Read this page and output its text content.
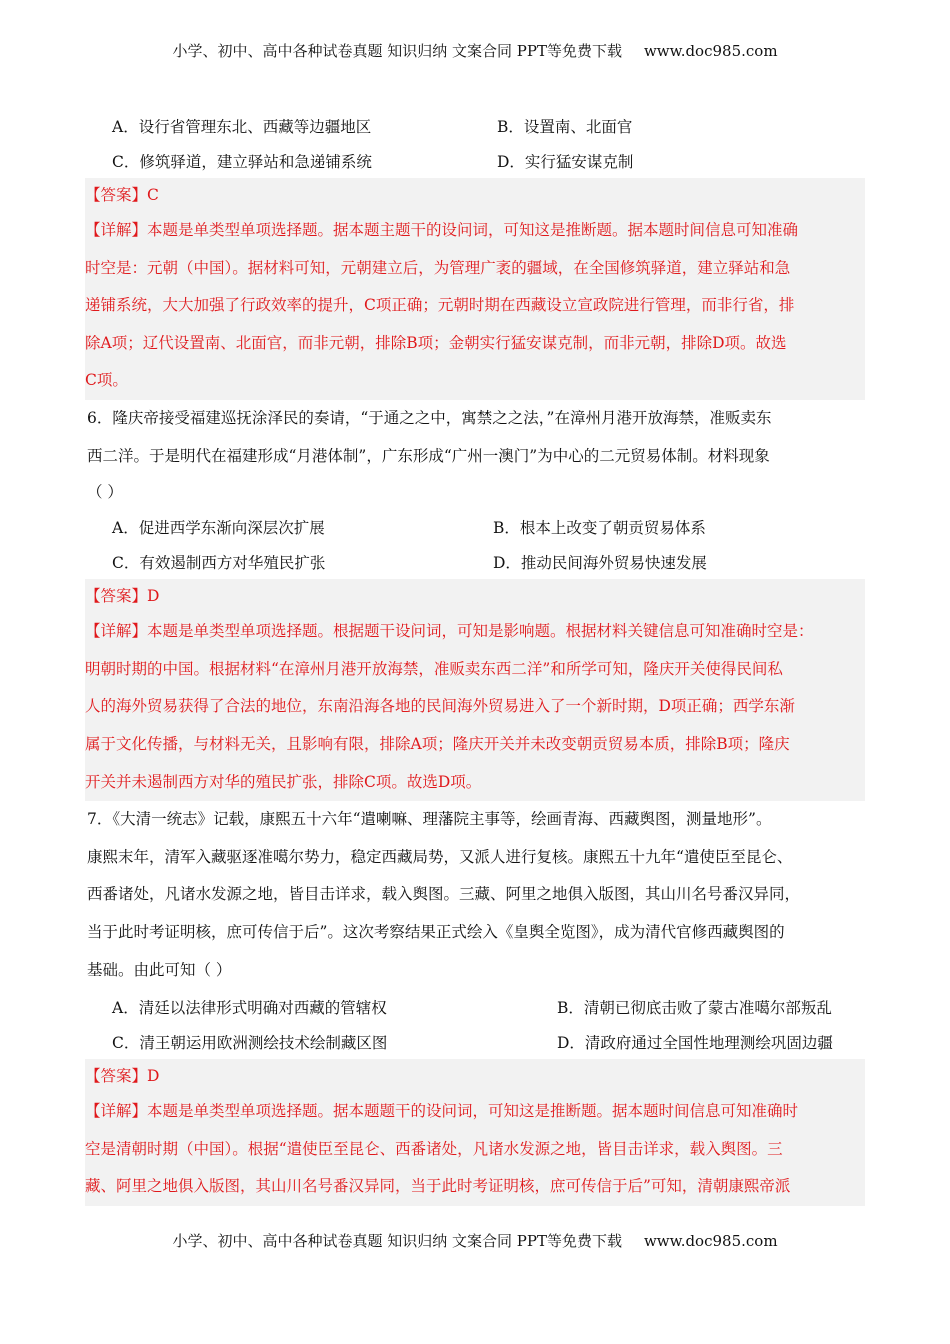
小学、初中、高中各种试卷真题 知识归纳 文案合同 PPT等免费下载 www.doc985.com
A．设行省管理东北、西藏等边疆地区	B．设置南、北面官
C．修筑驿道，建立驿站和急递铺系统	D．实行猛安谋克制
【答案】C
【详解】本题是单类型单项选择题。据本题主题干的设问词，可知这是推断题。据本题时间信息可知准确
时空是：元朝（中国）。据材料可知，元朝建立后，为管理广袤的疆域，在全国修筑驿道，建立驿站和急
递铺系统，大大加强了行政效率的提升，C项正确；元朝时期在西藏设立宣政院进行管理，而非行省，排
除A项；辽代设置南、北面官，而非元朝，排除B项；金朝实行猛安谋克制，而非元朝，排除D项。故选
C项。
6．隆庆帝接受福建巡抚涂泽民的奏请，“于通之之中，寓禁之之法，”在漳州月港开放海禁，准贩卖东
西二洋。于是明代在福建形成“月港体制”，广东形成“广州一澳门”为中心的二元贸易体制。材料现象
（ ）
A．促进西学东渐向深层次扩展	B．根本上改变了朝贡贸易体系
C．有效遏制西方对华殖民扩张	D．推动民间海外贸易快速发展
【答案】D
【详解】本题是单类型单项选择题。根据题干设问词，可知是影响题。根据材料关键信息可知准确时空是：
明朝时期的中国。根据材料“在漳州月港开放海禁，准贩卖东西二洋”和所学可知，隆庆开关使得民间私
人的海外贸易获得了合法的地位，东南沿海各地的民间海外贸易进入了一个新时期，D项正确；西学东渐
属于文化传播，与材料无关，且影响有限，排除A项；隆庆开关并未改变朝贡贸易本质，排除B项；隆庆
开关并未遏制西方对华的殖民扩张，排除C项。故选D项。
7．《大清一统志》记载，康熙五十六年“遣喇嘛、理藩院主事等，绘画青海、西藏舆图，测量地形”。
康熙末年，清军入藏驱逐准噶尔势力，稳定西藏局势，又派人进行复核。康熙五十九年“遣使臣至昆仑、
西番诸处，凡诸水发源之地，皆目击详求，载入舆图。三藏、阿里之地俱入版图，其山川名号番汉异同，
当于此时考证明核，庶可传信于后”。这次考察结果正式绘入《皇舆全览图》，成为清代官修西藏舆图的
基础。由此可知（ ）
A．清廷以法律形式明确对西藏的管辖权	B．清朝已彻底击败了蒙古准噶尔部叛乱
C．清王朝运用欧洲测绘技术绘制藏区图	D．清政府通过全国性地理测绘巩固边疆
【答案】D
【详解】本题是单类型单项选择题。据本题题干的设问词，可知这是推断题。据本题时间信息可知准确时
空是清朝时期（中国）。根据“遣使臣至昆仑、西番诸处，凡诸水发源之地，皆目击详求，载入舆图。三
藏、阿里之地俱入版图，其山川名号番汉异同，当于此时考证明核，庶可传信于后”可知，清朝康熙帝派
小学、初中、高中各种试卷真题 知识归纳 文案合同 PPT等免费下载 www.doc985.com
